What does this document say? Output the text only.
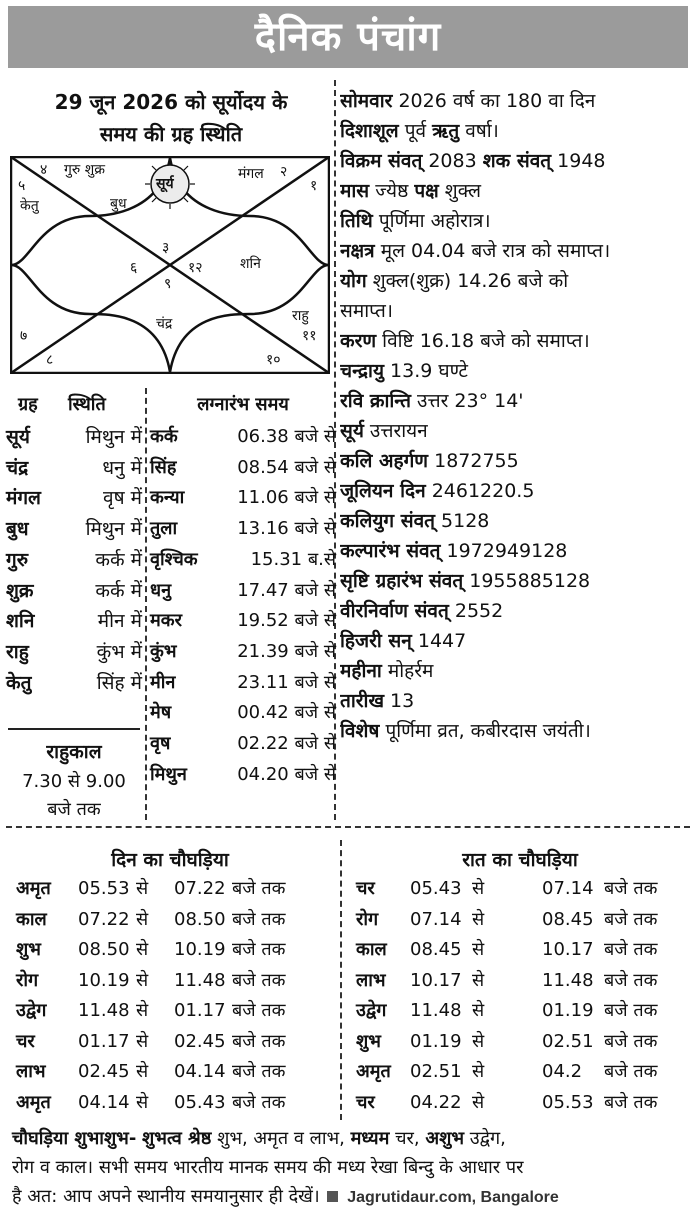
दैनिक पंचांग
29 जून 2026 को सूर्योदय के
समय की ग्रह स्थिति
४ गुरु शुक्र	मंगल २
५	१
केतु	बुध
सूर्य
३
६	१२	शनि
९
चंद्र	राहु
११
७
८	१०
ग्रह स्थिति	लग्नारंभ समय
सूर्य	मिथुन में
चंद्र	धनु में
मंगल	वृष में
बुध	मिथुन में
गुरु	कर्क में
शुक्र	कर्क में
शनि	मीन में
राहु	कुंभ में
केतु	सिंह में
कर्क	06.38 बजे से
सिंह	08.54 बजे से
कन्या	11.06 बजे से
तुला	13.16 बजे से
वृश्चिक	15.31 ब.से
धनु	17.47 बजे से
मकर	19.52 बजे से
कुंभ	21.39 बजे से
मीन	23.11 बजे से
मेष	00.42 बजे से
वृष	02.22 बजे से
मिथुन	04.20 बजे से
राहुकाल
7.30 से 9.00
बजे तक
सोमवार 2026 वर्ष का 180 वा दिन
दिशाशूल पूर्व ऋतु वर्षा।
विक्रम संवत् 2083 शक संवत् 1948
मास ज्येष्ठ पक्ष शुक्ल
तिथि पूर्णिमा अहोरात्र।
नक्षत्र मूल 04.04 बजे रात्र को समाप्त।
योग शुक्ल(शुक्र) 14.26 बजे को
समाप्त।
करण विष्टि 16.18 बजे को समाप्त।
चन्द्रायु 13.9 घण्टे
रवि क्रान्ति उत्तर 23° 14'
सूर्य उत्तरायन
कलि अहर्गण 1872755
जूलियन दिन 2461220.5
कलियुग संवत् 5128
कल्पारंभ संवत् 1972949128
सृष्टि ग्रहारंभ संवत् 1955885128
वीरनिर्वाण संवत् 2552
हिजरी सन् 1447
महीना मोहर्रम
तारीख 13
विशेष पूर्णिमा व्रत, कबीरदास जयंती।
दिन का चौघड़िया	रात का चौघड़िया
अमृत	05.53 से	07.22 बजे तक
काल	07.22 से	08.50 बजे तक
शुभ	08.50 से	10.19 बजे तक
रोग	10.19 से	11.48 बजे तक
उद्वेग	11.48 से	01.17 बजे तक
चर	01.17 से	02.45 बजे तक
लाभ	02.45 से	04.14 बजे तक
अमृत	04.14 से	05.43 बजे तक
चर	05.43 से	07.14 बजे तक
रोग	07.14 से	08.45 बजे तक
काल	08.45 से	10.17 बजे तक
लाभ	10.17 से	11.48 बजे तक
उद्वेग	11.48 से	01.19 बजे तक
शुभ	01.19 से	02.51 बजे तक
अमृत	02.51 से	04.2	बजे तक
चर	04.22 से	05.53 बजे तक
चौघड़िया शुभाशुभ- शुभत्व श्रेष्ठ शुभ, अमृत व लाभ, मध्यम चर, अशुभ उद्वेग,
रोग व काल। सभी समय भारतीय मानक समय की मध्य रेखा बिन्दु के आधार पर
है अत: आप अपने स्थानीय समयानुसार ही देखें। Jagrutidaur.com, Bangalore
